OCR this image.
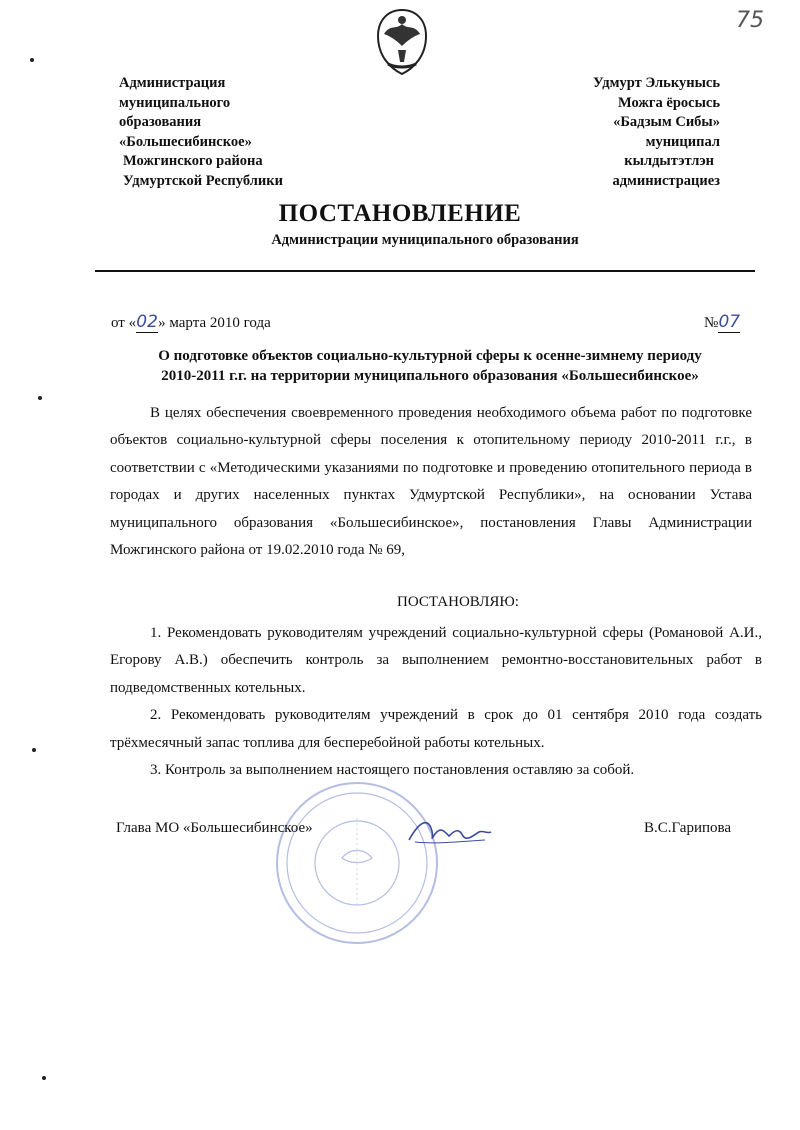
75
Администрация
муниципального
образования
«Большесибинское»
Можгинского района
Удмуртской Республики
Удмурт Элькунысь
Можга ёросысь
«Бадзым Сибы»
муниципал
кылдытэтлэн
администрациез
ПОСТАНОВЛЕНИЕ
Администрации муниципального образования
от «02» марта 2010 года	№07
О подготовке объектов социально-культурной сферы к осенне-зимнему периоду
2010-2011 г.г. на территории муниципального образования «Большесибинское»

В целях обеспечения своевременного проведения необходимого объема работ по подготовке объектов социально-культурной сферы поселения к отопительному периоду 2010-2011 г.г., в соответствии с «Методическими указаниями по подготовке и проведению отопительного периода в городах и других населенных пунктах Удмуртской Республики», на основании Устава муниципального образования «Большесибинское», постановления Главы Администрации Можгинского района от 19.02.2010 года № 69,

ПОСТАНОВЛЯЮ:

1. Рекомендовать руководителям учреждений социально-культурной сферы (Романовой А.И., Егорову А.В.) обеспечить контроль за выполнением ремонтно-восстановительных работ в подведомственных котельных.

2. Рекомендовать руководителям учреждений в срок до 01 сентября 2010 года создать трёхмесячный запас топлива для бесперебойной работы котельных.

3. Контроль за выполнением настоящего постановления оставляю за собой.

Глава МО «Большесибинское»	В.С.Гарипова
